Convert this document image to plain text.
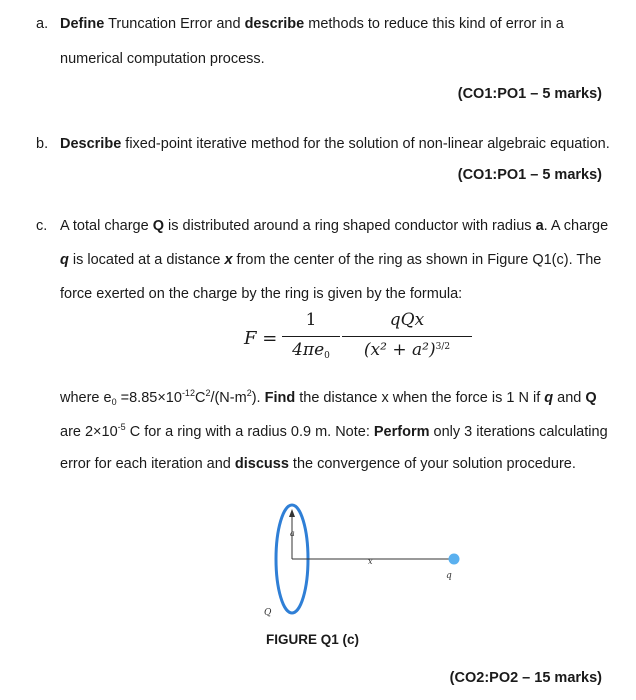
a. Define Truncation Error and describe methods to reduce this kind of error in a
numerical computation process.
(CO1:PO1 – 5 marks)
b. Describe fixed-point iterative method for the solution of non-linear algebraic equation.
(CO1:PO1 – 5 marks)
c. A total charge Q is distributed around a ring shaped conductor with radius a. A charge
q is located at a distance x from the center of the ring as shown in Figure Q1(c). The
force exerted on the charge by the ring is given by the formula:
F =
1
$4\pi e_0$
qQx
$(x^2 + a^2)^{3/2}$
where $e_0 =8.85\times 10^{-12}C^2/(N-m^2)$. Find the distance x when the force is 1 N if q and Q
are $2\times 10^{-5}$ C for a ring with a radius 0.9 m. Note: Perform only 3 iterations calculating
error for each iteration and discuss the convergence of your solution procedure.
a
x
q
Q
FIGURE Q1 (c)
(CO2:PO2 – 15 marks)
